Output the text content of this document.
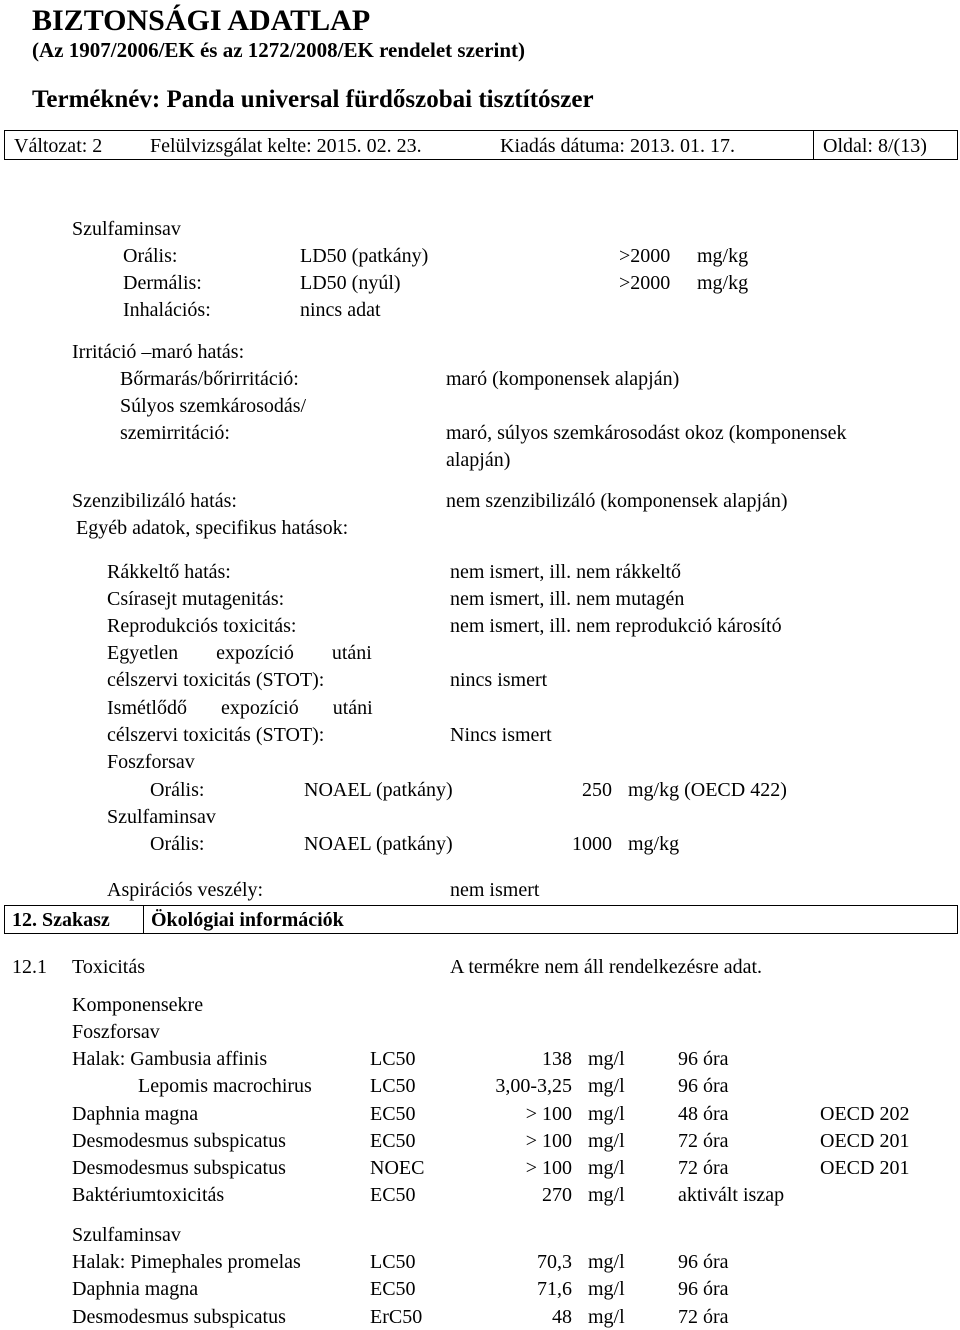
BIZTONSÁGI ADATLAP
(Az 1907/2006/EK és az 1272/2008/EK rendelet szerint)
Terméknév: Panda universal fürdőszobai tisztítószer
Változat: 2 Felülvizsgálat kelte: 2015. 02. 23.	Kiadás dátuma: 2013. 01. 17.	Oldal: 8/(13)
Szulfaminsav
Orális:	LD50 (patkány)	>2000 mg/kg
Dermális:	LD50 (nyúl)	>2000 mg/kg
Inhalációs:	nincs adat
Irritáció –maró hatás:
Bőrmarás/bőrirritáció:	maró (komponensek alapján)
Súlyos szemkárosodás/
szemirritáció:	maró, súlyos szemkárosodást okoz (komponensek
alapján)
Szenzibilizáló hatás:	nem szenzibilizáló (komponensek alapján)
Egyéb adatok, specifikus hatások:
Rákkeltő hatás:	nem ismert, ill. nem rákkeltő
Csírasejt mutagenitás:	nem ismert, ill. nem mutagén
Reprodukciós toxicitás:	nem ismert, ill. nem reprodukció károsító
Egyetlen expozíció utáni
célszervi toxicitás (STOT):	nincs ismert
Ismétlődő expozíció utáni
célszervi toxicitás (STOT):	Nincs ismert
Foszforsav
Orális:	NOAEL (patkány)	250 mg/kg (OECD 422)
Szulfaminsav
Orális:	NOAEL (patkány)	1000 mg/kg
Aspirációs veszély:	nem ismert
12. Szakasz Ökológiai információk
12.1 Toxicitás	A termékre nem áll rendelkezésre adat.
Komponensekre
Foszforsav
Halak: Gambusia affinis	LC50	138 mg/l	96 óra
Lepomis macrochirus	LC50	3,00-3,25 mg/l	96 óra
Daphnia magna	EC50	> 100 mg/l	48 óra	OECD 202
Desmodesmus subspicatus	EC50	> 100 mg/l	72 óra	OECD 201
Desmodesmus subspicatus	NOEC	> 100 mg/l	72 óra	OECD 201
Baktériumtoxicitás	EC50	270 mg/l	aktivált iszap
Szulfaminsav
Halak: Pimephales promelas	LC50	70,3 mg/l	96 óra
Daphnia magna	EC50	71,6 mg/l	96 óra
Desmodesmus subspicatus	ErC50	48 mg/l	72 óra
